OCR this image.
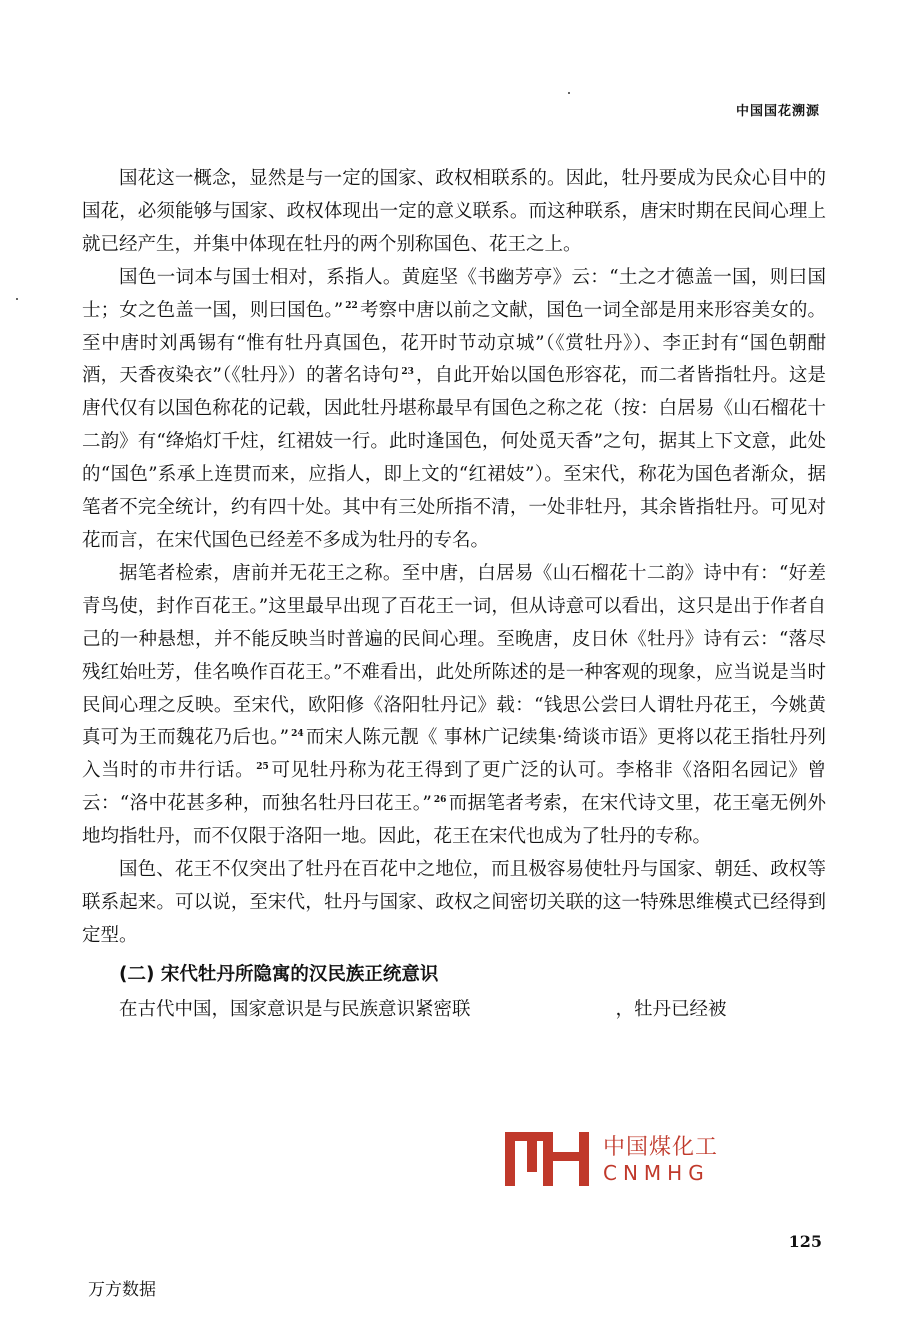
中国国花溯源

国花这一概念，显然是与一定的国家、政权相联系的。因此，牡丹要成为民众心目中的国花，必须能够与国家、政权体现出一定的意义联系。而这种联系，唐宋时期在民间心理上就已经产生，并集中体现在牡丹的两个别称国色、花王之上。

国色一词本与国士相对，系指人。黄庭坚《书幽芳亭》云：“土之才德盖一国，则曰国士；女之色盖一国，则曰国色。” $^{22}$ 考察中唐以前之文献，国色一词全部是用来形容美女的。至中唐时刘禹锡有“惟有牡丹真国色，花开时节动京城”（《赏牡丹》）、李正封有“国色朝酣酒，天香夜染衣”（《牡丹》）的著名诗句 $^{23}$ ，自此开始以国色形容花，而二者皆指牡丹。这是唐代仅有以国色称花的记载，因此牡丹堪称最早有国色之称之花（按：白居易《山石榴花十二韵》有“绛焰灯千炷，红裙妓一行。此时逢国色，何处觅天香”之句，据其上下文意，此处的“国色”系承上连贯而来，应指人，即上文的“红裙妓”）。至宋代，称花为国色者渐众，据笔者不完全统计，约有四十处。其中有三处所指不清，一处非牡丹，其余皆指牡丹。可见对花而言，在宋代国色已经差不多成为牡丹的专名。

据笔者检索，唐前并无花王之称。至中唐，白居易《山石榴花十二韵》诗中有：“好差青鸟使，封作百花王。”这里最早出现了百花王一词，但从诗意可以看出，这只是出于作者自己的一种悬想，并不能反映当时普遍的民间心理。至晚唐，皮日休《牡丹》诗有云：“落尽残红始吐芳，佳名唤作百花王。”不难看出，此处所陈述的是一种客观的现象，应当说是当时民间心理之反映。至宋代，欧阳修《洛阳牡丹记》载：“钱思公尝曰人谓牡丹花王，今姚黄真可为王而魏花乃后也。” $^{24}$ 而宋人陈元靓《 事林广记续集·绮谈市语》更将以花王指牡丹列入当时的市井行话。 $^{25}$ 可见牡丹称为花王得到了更广泛的认可。李格非《洛阳名园记》曾云：“洛中花甚多种，而独名牡丹曰花王。” $^{26}$ 而据笔者考索，在宋代诗文里，花王毫无例外地均指牡丹，而不仅限于洛阳一地。因此，花王在宋代也成为了牡丹的专称。

国色、花王不仅突出了牡丹在百花中之地位，而且极容易使牡丹与国家、朝廷、政权等联系起来。可以说，至宋代，牡丹与国家、政权之间密切关联的这一特殊思维模式已经得到定型。

(二) 宋代牡丹所隐寓的汉民族正统意识

在古代中国，国家意识是与民族意识紧密联	，牡丹已经被

中国煤化工
CNMHG
125
万方数据
